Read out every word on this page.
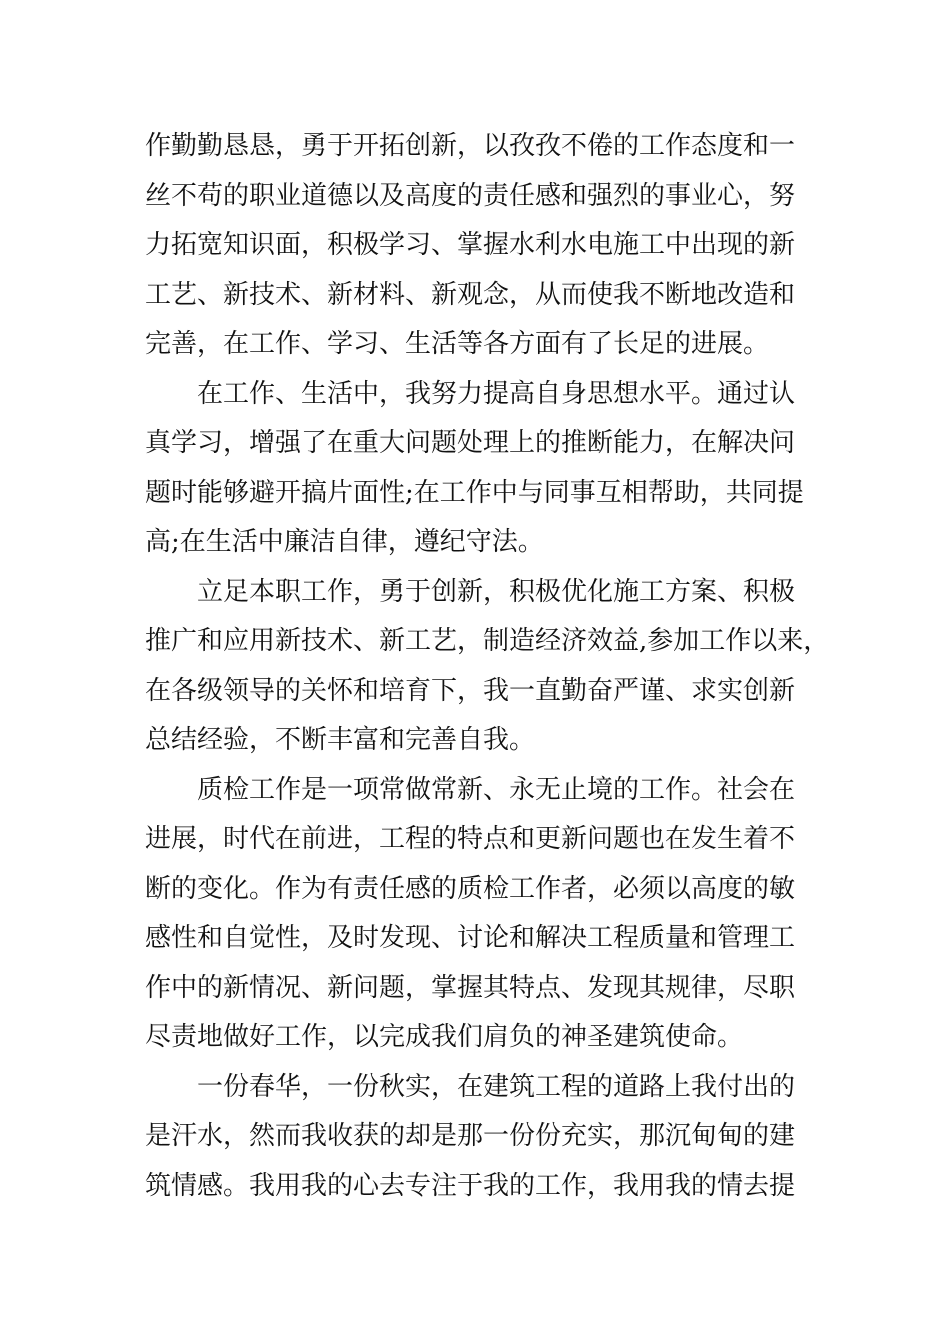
作勤勤恳恳，勇于开拓创新，以孜孜不倦的工作态度和一
丝不苟的职业道德以及高度的责任感和强烈的事业心，努
力拓宽知识面，积极学习、掌握水利水电施工中出现的新
工艺、新技术、新材料、新观念，从而使我不断地改造和
完善，在工作、学习、生活等各方面有了长足的进展。
在工作、生活中，我努力提高自身思想水平。通过认
真学习，增强了在重大问题处理上的推断能力，在解决问
题时能够避开搞片面性;在工作中与同事互相帮助，共同提
高;在生活中廉洁自律，遵纪守法。
立足本职工作，勇于创新，积极优化施工方案、积极
推广和应用新技术、新工艺，制造经济效益,参加工作以来，
在各级领导的关怀和培育下，我一直勤奋严谨、求实创新
总结经验，不断丰富和完善自我。
质检工作是一项常做常新、永无止境的工作。社会在
进展，时代在前进，工程的特点和更新问题也在发生着不
断的变化。作为有责任感的质检工作者，必须以高度的敏
感性和自觉性，及时发现、讨论和解决工程质量和管理工
作中的新情况、新问题，掌握其特点、发现其规律，尽职
尽责地做好工作，以完成我们肩负的神圣建筑使命。
一份春华，一份秋实，在建筑工程的道路上我付出的
是汗水，然而我收获的却是那一份份充实，那沉甸甸的建
筑情感。我用我的心去专注于我的工作，我用我的情去提
